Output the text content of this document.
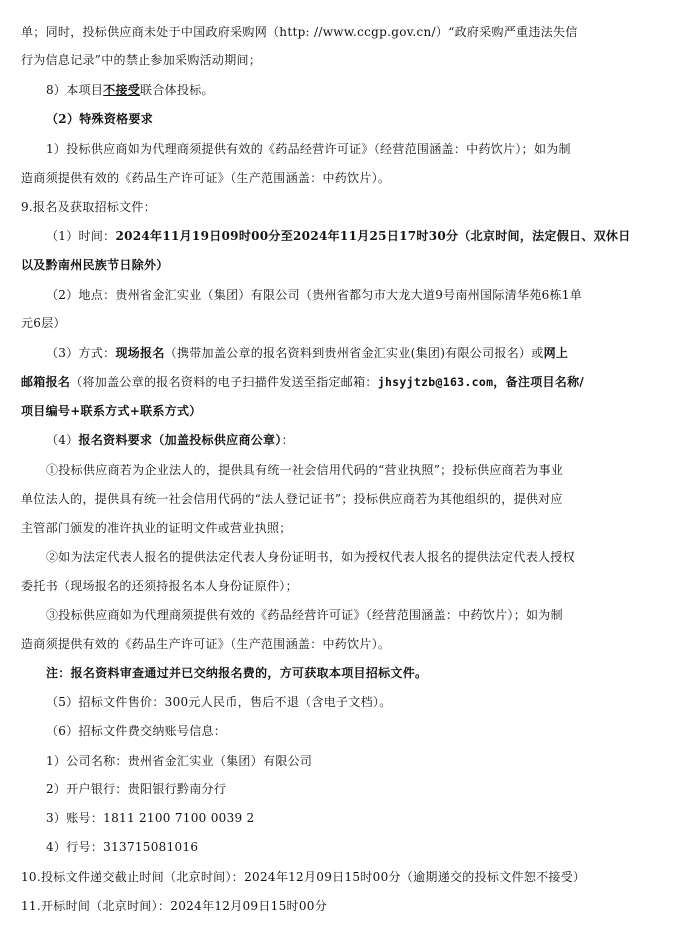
单；同时，投标供应商未处于中国政府采购网（http: //www.ccgp.gov.cn/）“政府采购严重违法失信
行为信息记录”中的禁止参加采购活动期间；
8）本项目不接受联合体投标。
（2）特殊资格要求
1）投标供应商如为代理商须提供有效的《药品经营许可证》（经营范围涵盖：中药饮片）；如为制
造商须提供有效的《药品生产许可证》（生产范围涵盖：中药饮片）。
9.报名及获取招标文件：
（1）时间：2024年11月19日09时00分至2024年11月25日17时30分（北京时间，法定假日、双休日
以及黔南州民族节日除外）
（2）地点：贵州省金汇实业（集团）有限公司（贵州省都匀市大龙大道9号南州国际清华苑6栋1单
元6层）
（3）方式：现场报名（携带加盖公章的报名资料到贵州省金汇实业(集团)有限公司报名）或网上
邮箱报名（将加盖公章的报名资料的电子扫描件发送至指定邮箱：jhsyjtzb@163.com，备注项目名称/
项目编号+联系方式+联系方式）
（4）报名资料要求（加盖投标供应商公章）：
①投标供应商若为企业法人的，提供具有统一社会信用代码的“营业执照”；投标供应商若为事业
单位法人的，提供具有统一社会信用代码的“法人登记证书”；投标供应商若为其他组织的，提供对应
主管部门颁发的准许执业的证明文件或营业执照；
②如为法定代表人报名的提供法定代表人身份证明书，如为授权代表人报名的提供法定代表人授权
委托书（现场报名的还须持报名本人身份证原件）；
③投标供应商如为代理商须提供有效的《药品经营许可证》（经营范围涵盖：中药饮片）；如为制
造商须提供有效的《药品生产许可证》（生产范围涵盖：中药饮片）。
注：报名资料审查通过并已交纳报名费的，方可获取本项目招标文件。
（5）招标文件售价：300元人民币，售后不退（含电子文档）。
（6）招标文件费交纳账号信息：
1）公司名称：贵州省金汇实业（集团）有限公司
2）开户银行：贵阳银行黔南分行
3）账号：1811 2100 7100 0039 2
4）行号：313715081016
10.投标文件递交截止时间（北京时间）：2024年12月09日15时00分（逾期递交的投标文件恕不接受）
11.开标时间（北京时间）：2024年12月09日15时00分
